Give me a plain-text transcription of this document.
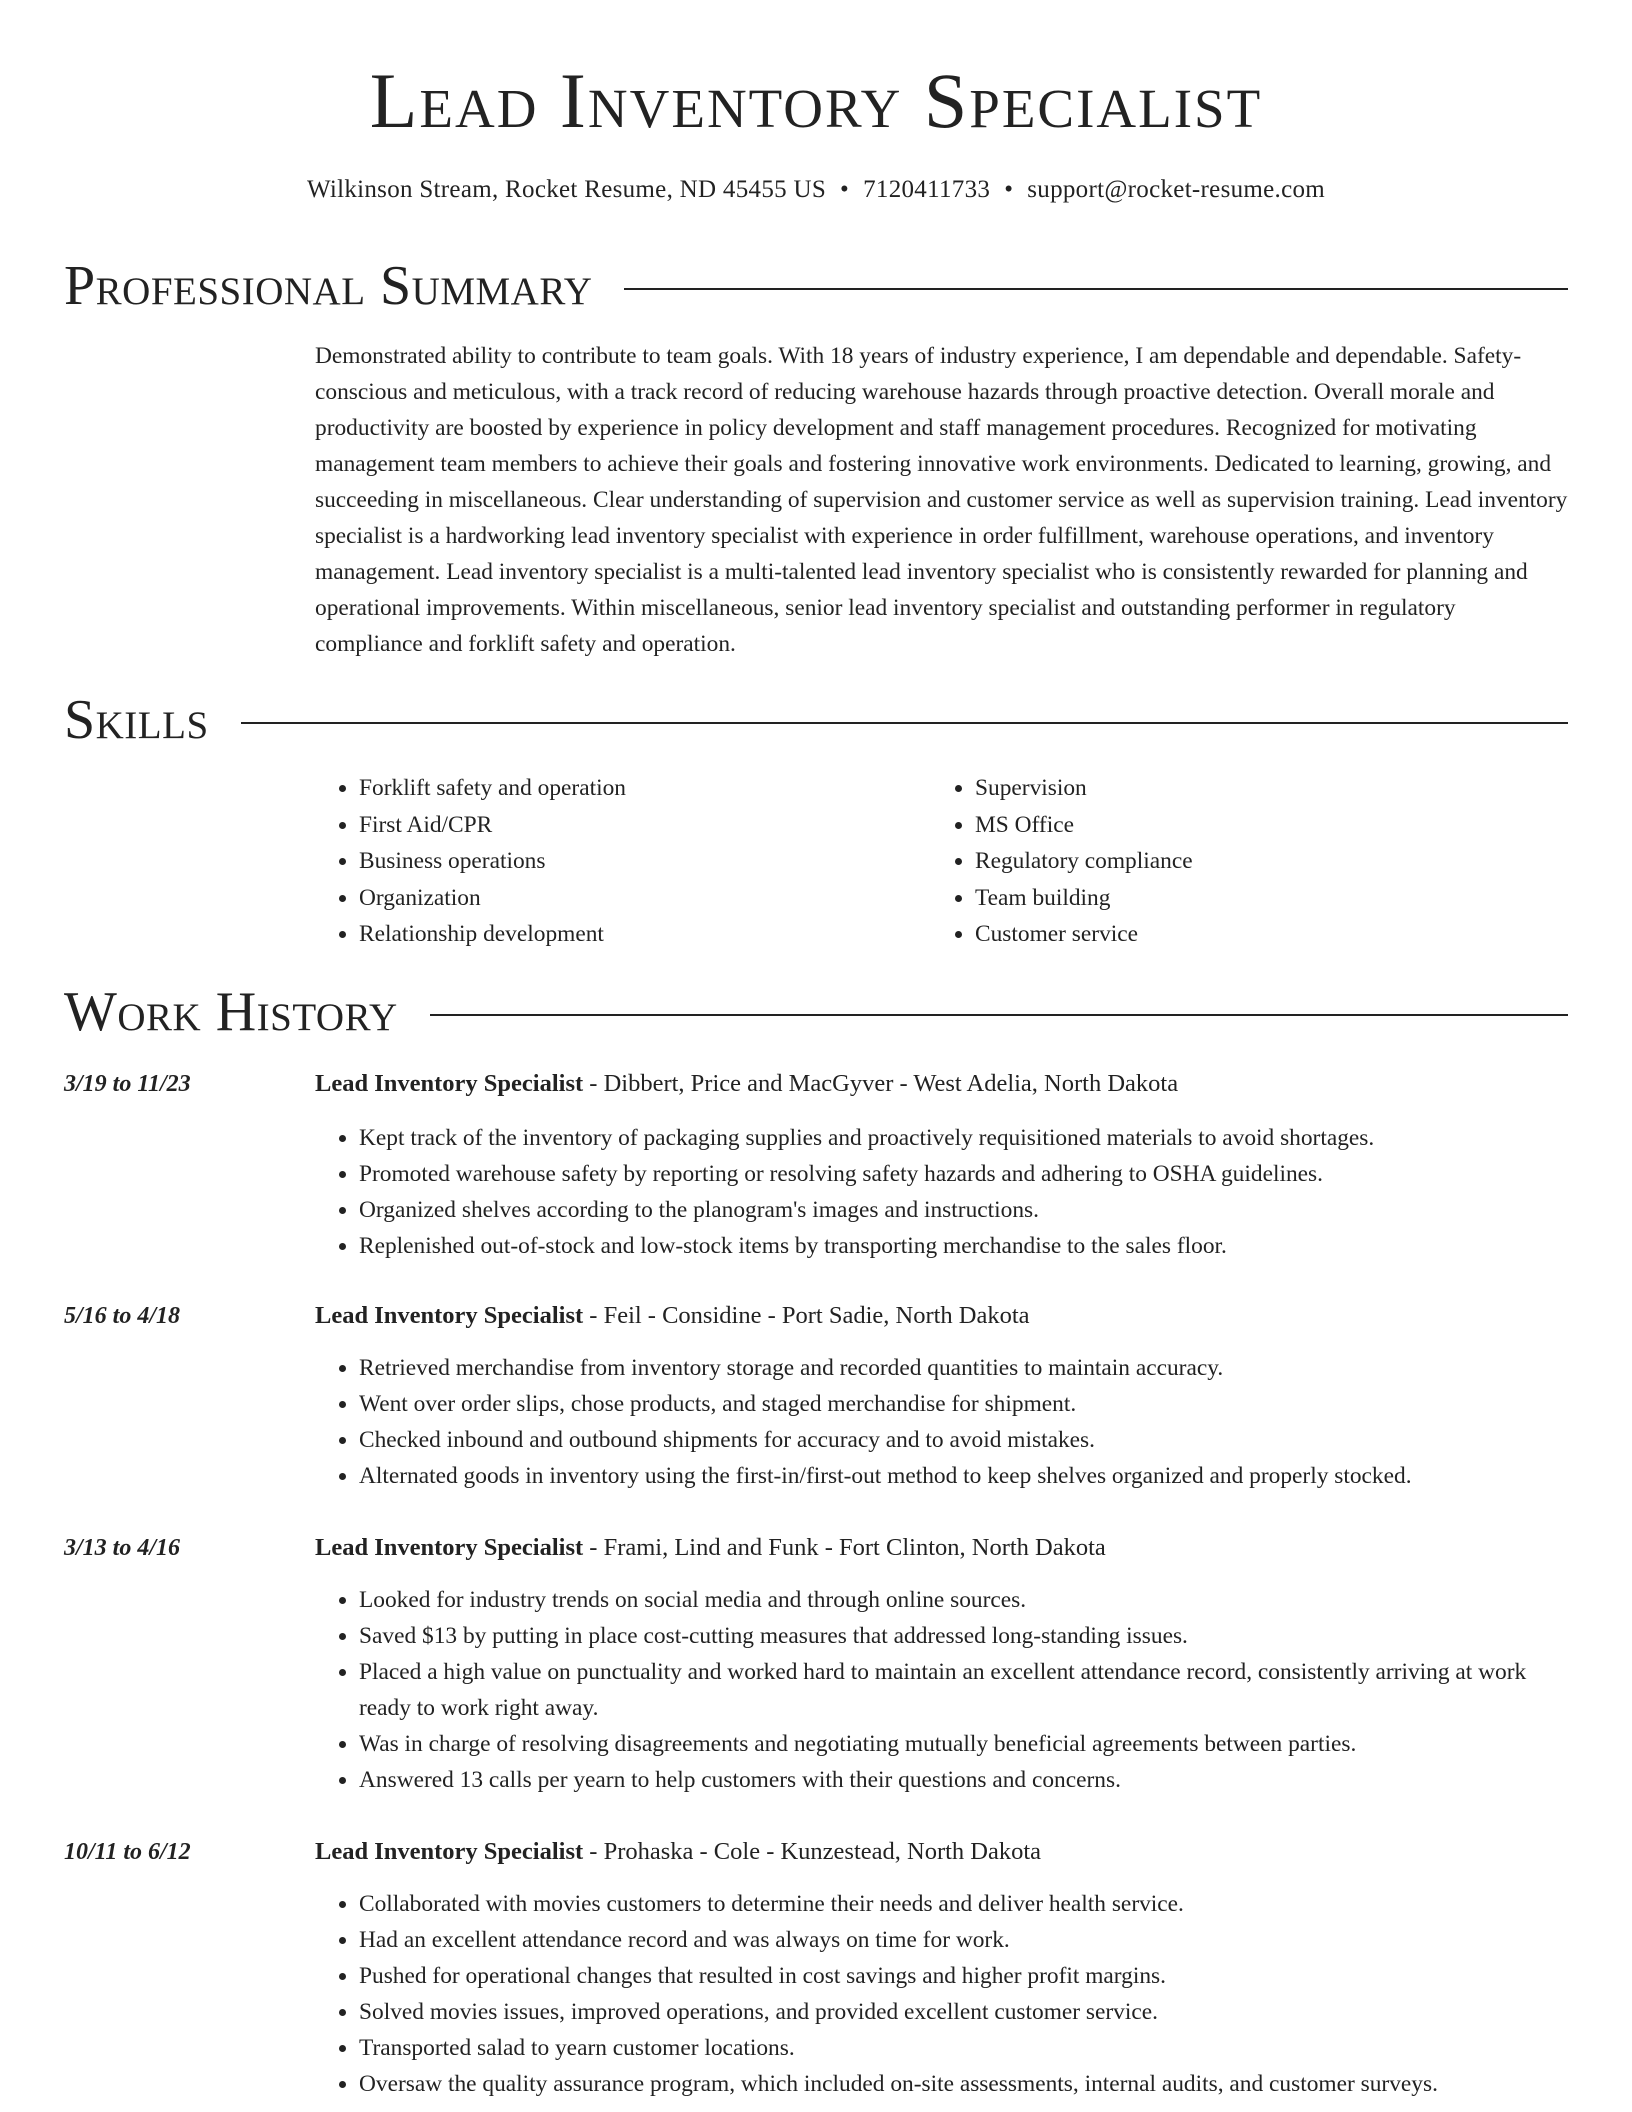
Lead Inventory Specialist
Wilkinson Stream, Rocket Resume, ND 45455 US • 7120411733 • support@rocket-resume.com
Professional Summary

Demonstrated ability to contribute to team goals. With 18 years of industry experience, I am dependable and dependable. Safety-conscious and meticulous, with a track record of reducing warehouse hazards through proactive detection. Overall morale and productivity are boosted by experience in policy development and staff management procedures. Recognized for motivating management team members to achieve their goals and fostering innovative work environments. Dedicated to learning, growing, and succeeding in miscellaneous. Clear understanding of supervision and customer service as well as supervision training. Lead inventory specialist is a hardworking lead inventory specialist with experience in order fulfillment, warehouse operations, and inventory management. Lead inventory specialist is a multi-talented lead inventory specialist who is consistently rewarded for planning and operational improvements. Within miscellaneous, senior lead inventory specialist and outstanding performer in regulatory compliance and forklift safety and operation.

Skills
• Forklift safety and operation
• First Aid/CPR
• Business operations
• Organization
• Relationship development
• Supervision
• MS Office
• Regulatory compliance
• Team building
• Customer service
Work History
3/19 to 11/23	Lead Inventory Specialist - Dibbert, Price and MacGyver - West Adelia, North Dakota
• Kept track of the inventory of packaging supplies and proactively requisitioned materials to avoid shortages.
• Promoted warehouse safety by reporting or resolving safety hazards and adhering to OSHA guidelines.
• Organized shelves according to the planogram's images and instructions.
• Replenished out-of-stock and low-stock items by transporting merchandise to the sales floor.
5/16 to 4/18	Lead Inventory Specialist - Feil - Considine - Port Sadie, North Dakota
• Retrieved merchandise from inventory storage and recorded quantities to maintain accuracy.
• Went over order slips, chose products, and staged merchandise for shipment.
• Checked inbound and outbound shipments for accuracy and to avoid mistakes.
• Alternated goods in inventory using the first-in/first-out method to keep shelves organized and properly stocked.
3/13 to 4/16	Lead Inventory Specialist - Frami, Lind and Funk - Fort Clinton, North Dakota
• Looked for industry trends on social media and through online sources.
• Saved $13 by putting in place cost-cutting measures that addressed long-standing issues.
• Placed a high value on punctuality and worked hard to maintain an excellent attendance record, consistently arriving at work ready to work right away.
• Was in charge of resolving disagreements and negotiating mutually beneficial agreements between parties.
• Answered 13 calls per yearn to help customers with their questions and concerns.
10/11 to 6/12	Lead Inventory Specialist - Prohaska - Cole - Kunzestead, North Dakota
• Collaborated with movies customers to determine their needs and deliver health service.
• Had an excellent attendance record and was always on time for work.
• Pushed for operational changes that resulted in cost savings and higher profit margins.
• Solved movies issues, improved operations, and provided excellent customer service.
• Transported salad to yearn customer locations.
• Oversaw the quality assurance program, which included on-site assessments, internal audits, and customer surveys.
